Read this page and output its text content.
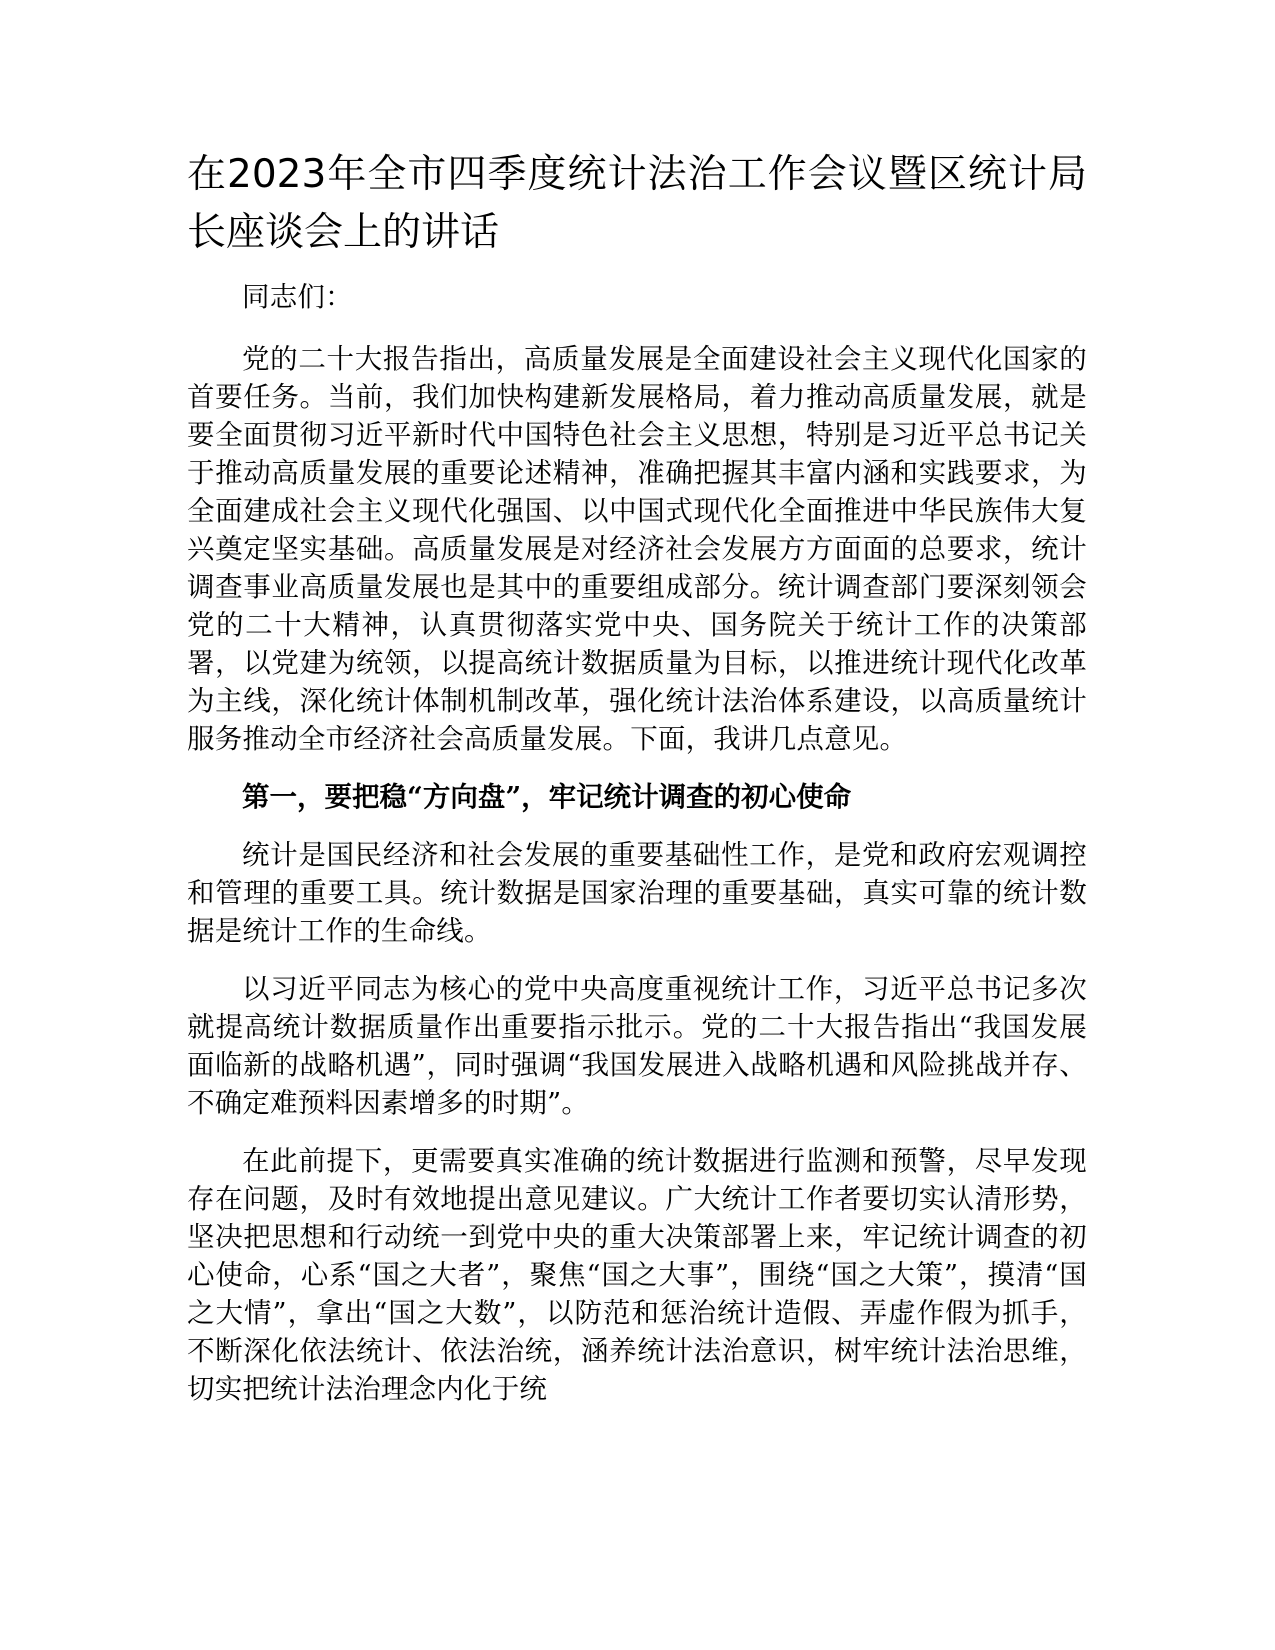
在2023年全市四季度统计法治工作会议暨区统计局长座谈会上的讲话

同志们：

党的二十大报告指出，高质量发展是全面建设社会主义现代化国家的首要任务。当前，我们加快构建新发展格局，着力推动高质量发展，就是要全面贯彻习近平新时代中国特色社会主义思想，特别是习近平总书记关于推动高质量发展的重要论述精神，准确把握其丰富内涵和实践要求，为全面建成社会主义现代化强国、以中国式现代化全面推进中华民族伟大复兴奠定坚实基础。高质量发展是对经济社会发展方方面面的总要求，统计调查事业高质量发展也是其中的重要组成部分。统计调查部门要深刻领会党的二十大精神，认真贯彻落实党中央、国务院关于统计工作的决策部署，以党建为统领，以提高统计数据质量为目标，以推进统计现代化改革为主线，深化统计体制机制改革，强化统计法治体系建设，以高质量统计服务推动全市经济社会高质量发展。下面，我讲几点意见。

第一，要把稳“方向盘”，牢记统计调查的初心使命

统计是国民经济和社会发展的重要基础性工作，是党和政府宏观调控和管理的重要工具。统计数据是国家治理的重要基础，真实可靠的统计数据是统计工作的生命线。

以习近平同志为核心的党中央高度重视统计工作，习近平总书记多次就提高统计数据质量作出重要指示批示。党的二十大报告指出“我国发展面临新的战略机遇”，同时强调“我国发展进入战略机遇和风险挑战并存、不确定难预料因素增多的时期”。

在此前提下，更需要真实准确的统计数据进行监测和预警，尽早发现存在问题，及时有效地提出意见建议。广大统计工作者要切实认清形势，坚决把思想和行动统一到党中央的重大决策部署上来，牢记统计调查的初心使命，心系“国之大者”，聚焦“国之大事”，围绕“国之大策”，摸清“国之大情”，拿出“国之大数”，以防范和惩治统计造假、弄虚作假为抓手，不断深化依法统计、依法治统，涵养统计法治意识，树牢统计法治思维，切实把统计法治理念内化于统
